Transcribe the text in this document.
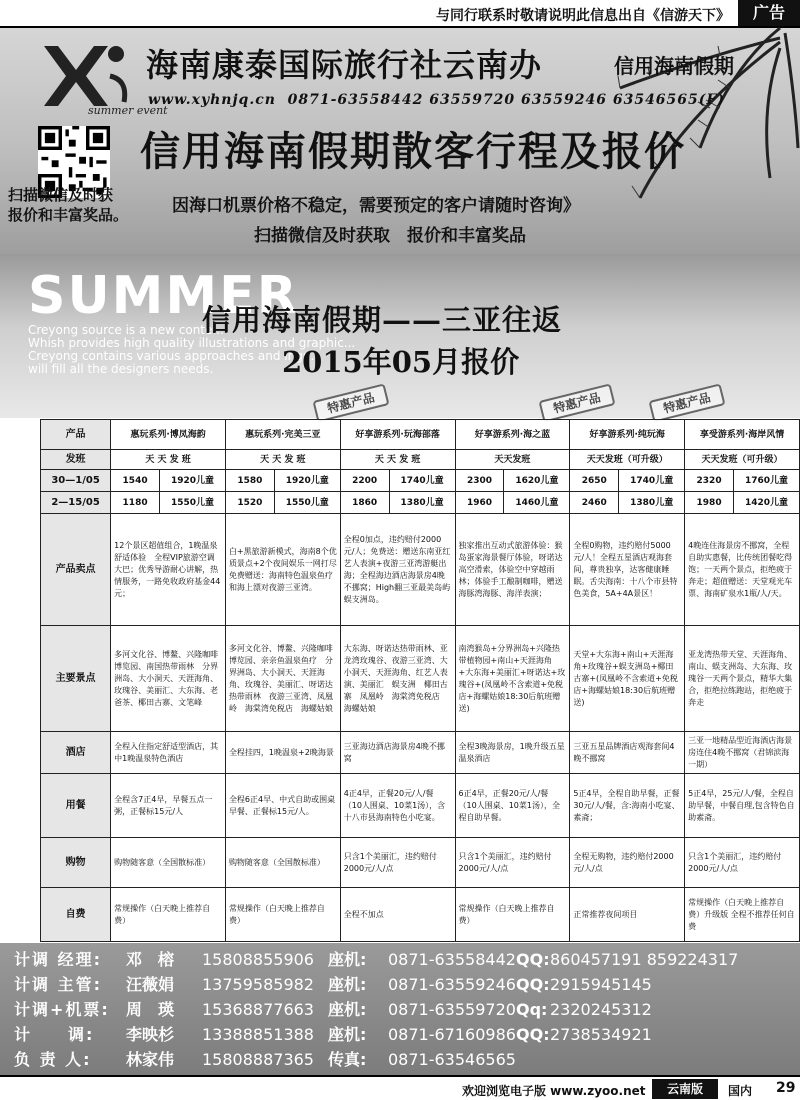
与同行联系时敬请说明此信息出自《信游天下》	广告
summer event
海南康泰国际旅行社云南办	信用海南假期
www.xyhnjq.cn 0871-63558442 63559720 63559246 63546565(F)
信用海南假期散客行程及报价
扫描微信及时获
报价和丰富奖品。	因海口机票价格不稳定，需要预定的客户请随时咨询》
扫描微信及时获取　报价和丰富奖品
SUMMER
Creyong source is a new conte...
Whish provides high quality illustrations and graphic...
Creyong contains various approaches and ingr...
will fill all the designers needs.
信用海南假期——三亚往返
2015年05月报价
特惠产品	特惠产品	特惠产品
产品	惠玩系列·博凤海韵		惠玩系列·完美三亚		好享游系列·玩海部落		好享游系列·海之蓝		好享游系列·纯玩海		享受游系列·海岸风情	
发班	天 天 发 班		天 天 发 班		天 天 发 班		天天发班		天天发班（可升级）		天天发班（可升级）	
30—1/05	1540	1920儿童	1580	1920儿童	2200	1740儿童	2300	1620儿童	2650	1740儿童	2320	1760儿童
2—15/05	1180	1550儿童	1520	1550儿童	1860	1380儿童	1960	1460儿童	2460	1380儿童	1980	1420儿童
产品卖点	12个景区超值组合，1晚温泉舒适体验　全程VIP旅游空调大巴；优秀导游耐心讲解，热情服务，一路免收政府基金44元；		白+黑旅游新模式，海南8个优质景点+2个夜间娱乐一网打尽　免费赠送：海南特色温泉鱼疗和海上漂对夜游三亚湾。		全程0加点，违约赔付2000元/人；免费送：赠送东南亚红艺人表演+夜游三亚湾游艇出海；全程海边酒店海景房4晚不挪窝；High翻三亚最美岛屿蜈支洲岛。		独家推出互动式旅游体验：猴岛蛋家海景餐厅体验，呀诺达高空滑索，体验空中穿越雨林；体验手工酿制咖啡，赠送海豚湾海豚、海洋表演；		全程0购物，违约赔付5000元/人！全程五星酒店观海套间，尊贵独享，达客健康睡眠。舌尖海南：十八个市县特色美食，5A+4A景区！		4晚连住海景房不挪窝，全程自助实惠餐，比传统团餐吃得饱；一天两个景点，拒绝疲于奔走；超值赠送：天堂观光车票、海南矿泉水1瓶/人/天。	
主要景点	多河文化谷、博鳌、兴隆咖啡博览园、南国热带雨林　分界洲岛、大小洞天、天涯海角、玫瑰谷、美丽汇、大东海、老爸茶、椰田古寨、文笔峰		多河文化谷、博鳌、兴隆咖啡博览园、亲亲鱼温泉鱼疗　分界洲岛、大小洞天、天涯海角、玫瑰谷、美丽汇、呀诺达热带雨林　夜游三亚湾、凤凰岭　海棠湾免税店　海螺姑娘		大东海、呀诺达热带雨林、亚龙湾玫瑰谷、夜游三亚湾、大小洞天、天涯海角、红艺人表演、美丽汇　蜈支洲　椰田古寨　凤凰岭　海棠湾免税店　海螺姑娘		南湾猴岛+分界洲岛+兴隆热带植物园+南山+天涯海角+大东海+美丽汇+呀诺达+玫瑰谷+(凤凰岭不含索道+免税店+海螺姑娘18:30后航班赠送)		天堂+大东海+南山+天涯海角+玫瑰谷+蜈支洲岛+椰田古寨+(凤凰岭不含索道+免税店+海螺姑娘18:30后航班赠送)		亚龙湾热带天堂、天涯海角、南山、蜈支洲岛、大东海、玫瑰谷一天两个景点，精华大集合，拒绝拉练跑站，拒绝疲于奔走	
酒店	全程入住指定舒适型酒店，其中1晚温泉特色酒店		全程挂四，1晚温泉+2晚海景		三亚海边酒店海景房4晚不挪窝		全程3晚海景房，1晚升级五星温泉酒店		三亚五星品牌酒店观海套间4晚不挪窝		三亚一地精品型近海酒店海景房连住4晚不挪窝（君锦滨海一期）	
用餐	全程含7正4早，早餐五点一粥，正餐标15元/人		全程6正4早、中式自助或围桌早餐、正餐标15元/人。		4正4早，正餐20元/人/餐（10人围桌、10菜1汤），含十八市县海南特色小吃宴。		6正4早，正餐20元/人/餐（10人围桌、10菜1汤），全程自助早餐。		5正4早，全程自助早餐，正餐30元/人/餐，含:海南小吃宴、素斋；		5正4早，25元/人/餐，全程自助早餐，中餐自理,包含特色自助素斋。	
购物	购物随客意（全国散标准）		购物随客意（全国散标准）		只含1个美丽汇，违约赔付2000元/人/点		只含1个美丽汇，违约赔付2000元/人/点		全程无购物，违约赔付2000元/人/点		只含1个美丽汇，违约赔付2000元/人/点	
自费	常规操作（白天晚上推荐自费）		常规操作（白天晚上推荐自费）		全程不加点		常规操作（白天晚上推荐自费）		正常推荐夜间项目		常规操作（白天晚上推荐自费）升级版 全程不推荐任何自费	
计调 经理: 邓　榕 15808855906 座机: 0871-63558442QQ:860457191 859224317
计调 主管: 汪薇娟 13759585982 座机: 0871-63559246QQ:2915945145
计调+机票: 周　瑛 15368877663 座机: 0871-63559720Qq: 2320245312
计　　调: 李映杉 13388851388 座机: 0871-67160986QQ:2738534921
负 责 人: 林家伟 15808887365 传真: 0871-63546565
欢迎浏览电子版 www.zyoo.net	云南版	国内 29
